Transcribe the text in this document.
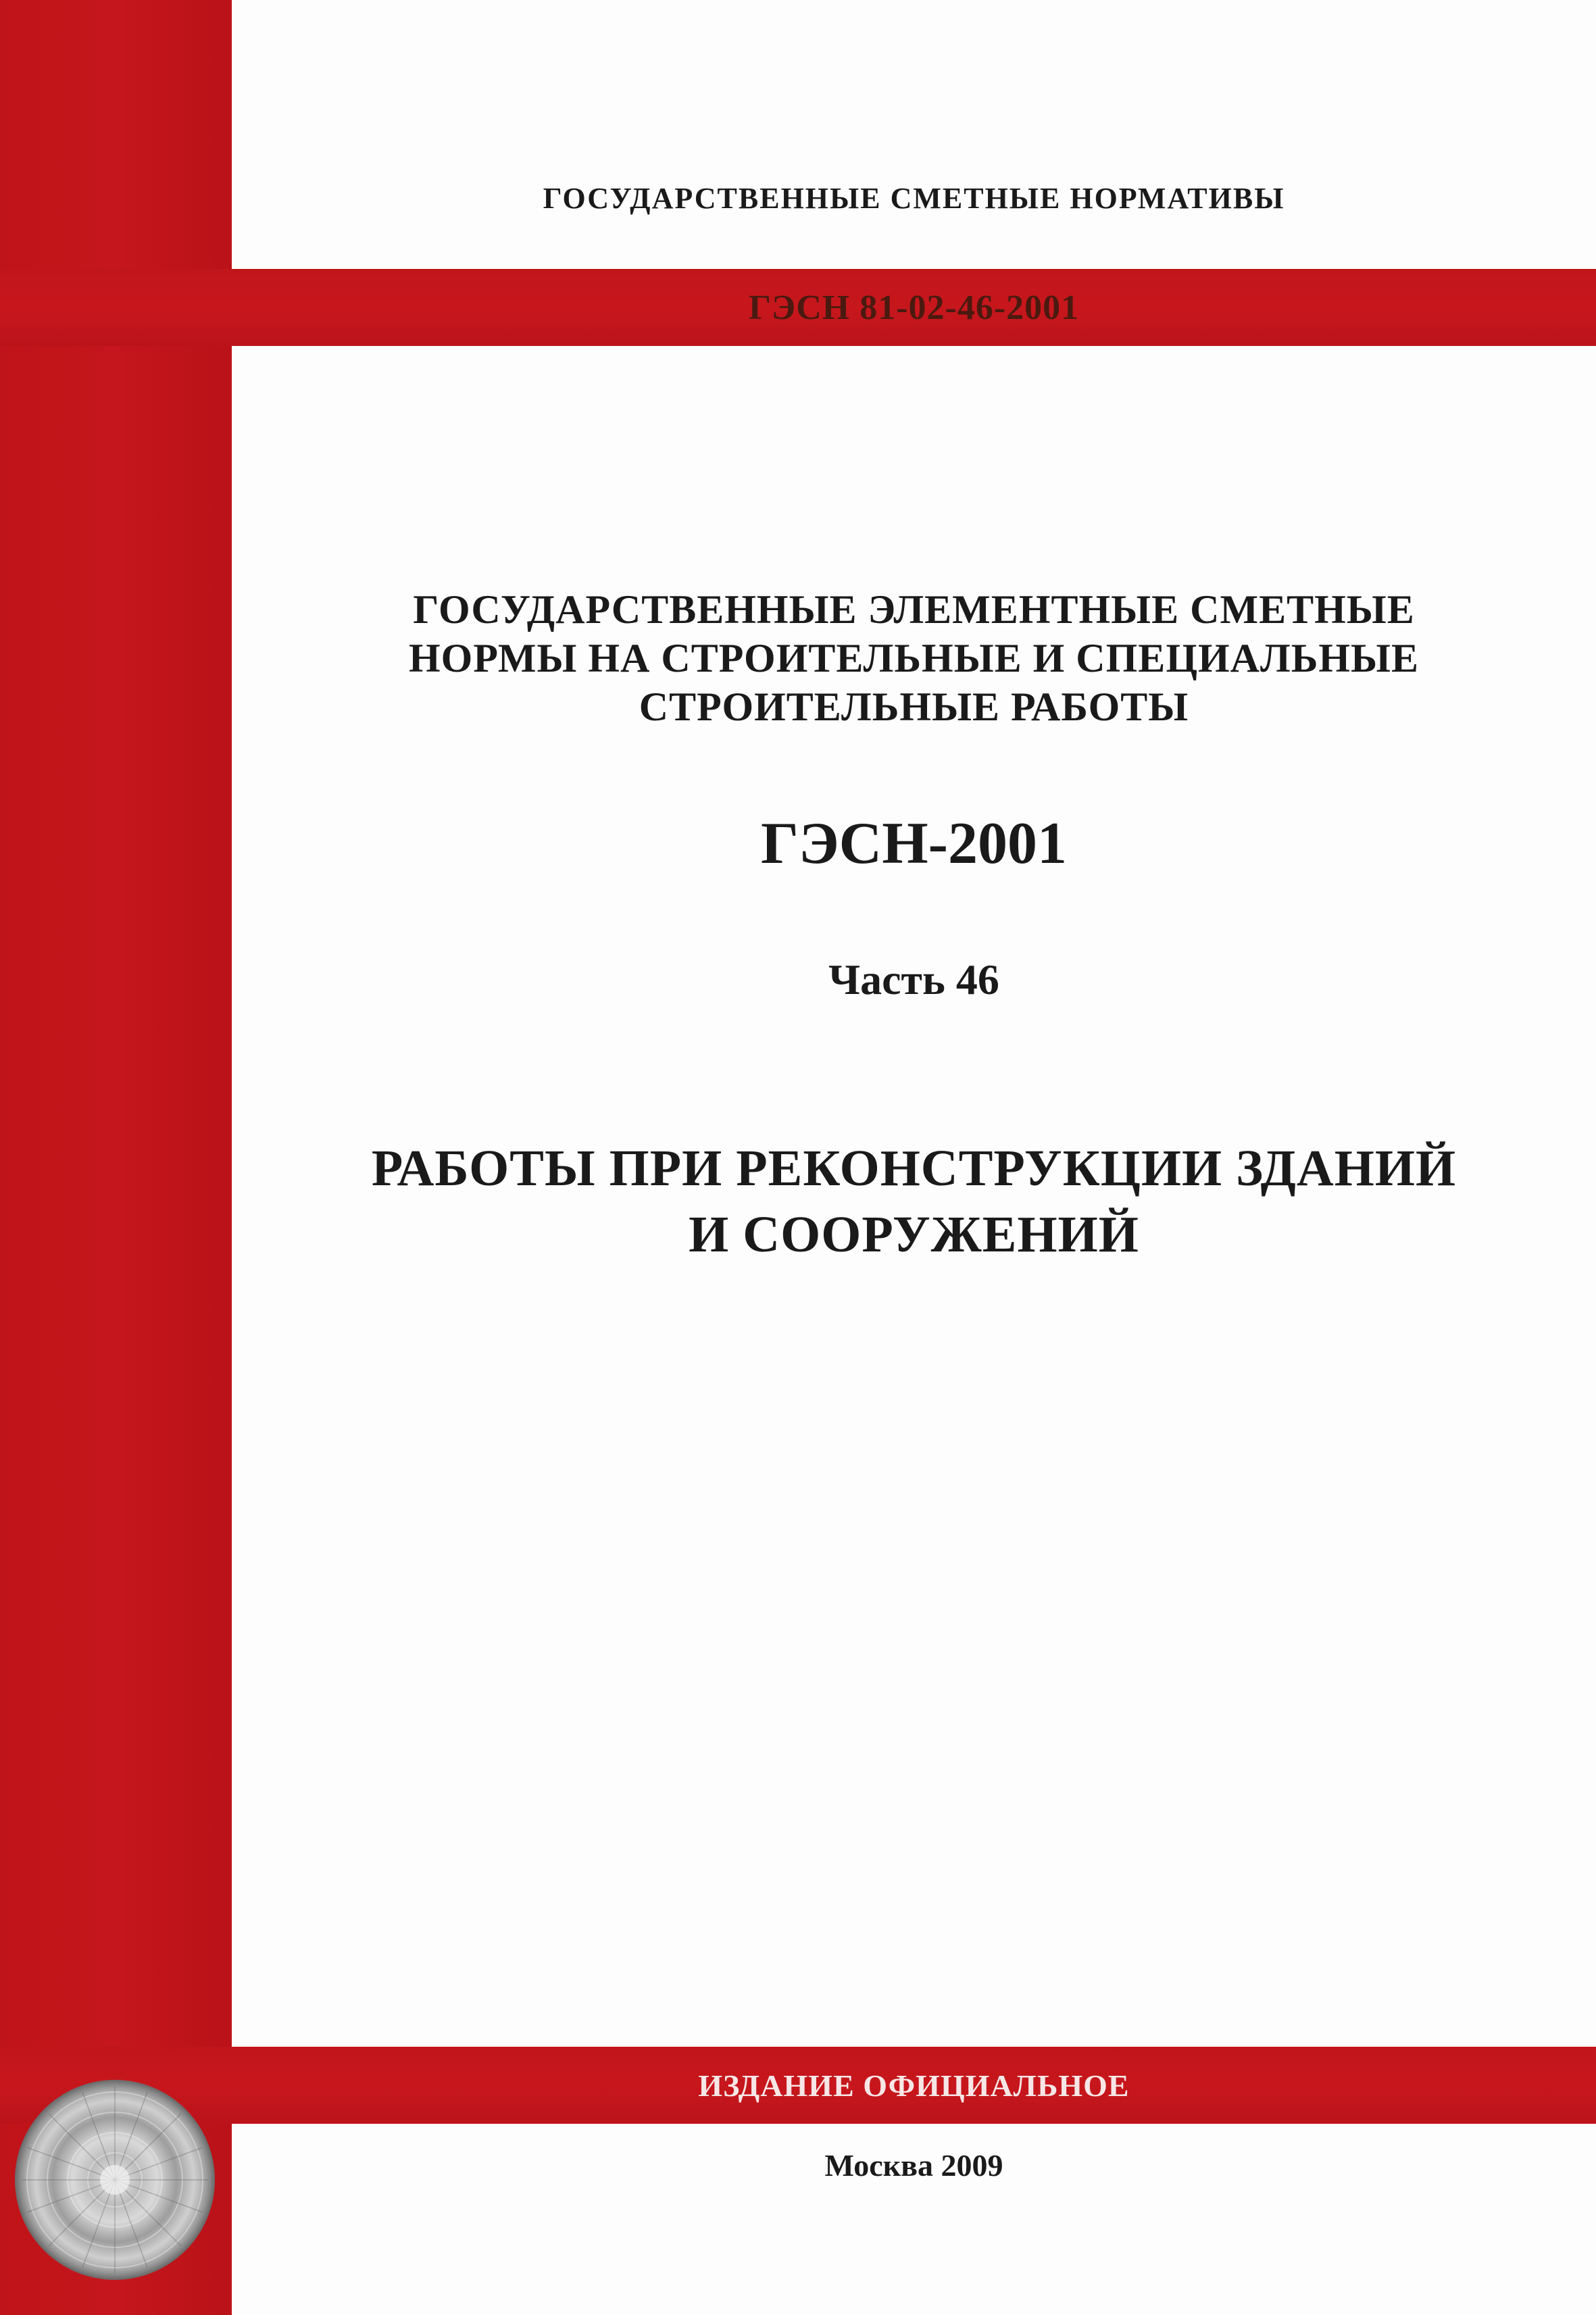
ГОСУДАРСТВЕННЫЕ СМЕТНЫЕ НОРМАТИВЫ
ГЭСН 81-02-46-2001
ГОСУДАРСТВЕННЫЕ ЭЛЕМЕНТНЫЕ СМЕТНЫЕ
НОРМЫ НА СТРОИТЕЛЬНЫЕ И СПЕЦИАЛЬНЫЕ
СТРОИТЕЛЬНЫЕ РАБОТЫ
ГЭСН-2001
Часть 46
РАБОТЫ ПРИ РЕКОНСТРУКЦИИ ЗДАНИЙ
И СООРУЖЕНИЙ
ИЗДАНИЕ ОФИЦИАЛЬНОЕ
Москва 2009
